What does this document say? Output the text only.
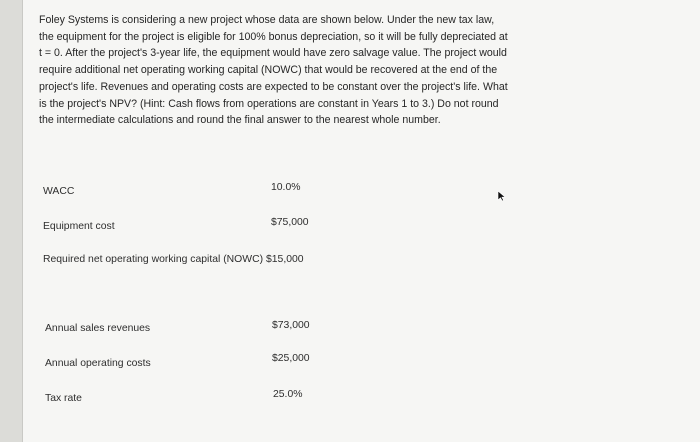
Foley Systems is considering a new project whose data are shown below. Under the new tax law, the equipment for the project is eligible for 100% bonus depreciation, so it will be fully depreciated at t = 0. After the project's 3-year life, the equipment would have zero salvage value. The project would require additional net operating working capital (NOWC) that would be recovered at the end of the project's life. Revenues and operating costs are expected to be constant over the project's life. What is the project's NPV? (Hint: Cash flows from operations are constant in Years 1 to 3.) Do not round the intermediate calculations and round the final answer to the nearest whole number.

WACC	10.0%
Equipment cost	$75,000
Required net operating working capital (NOWC) $15,000
Annual sales revenues	$73,000
Annual operating costs	$25,000
Tax rate	25.0%
